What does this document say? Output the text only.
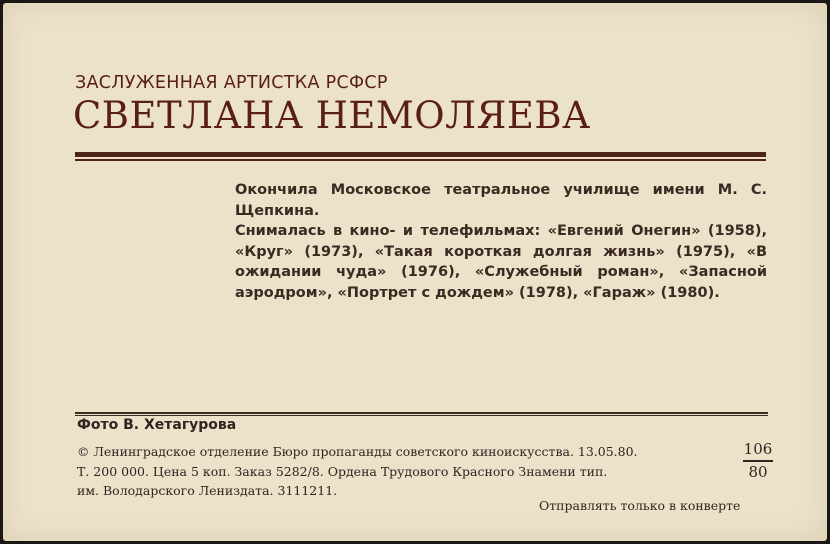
ЗАСЛУЖЕННАЯ АРТИСТКА РСФСР
СВЕТЛАНА НЕМОЛЯЕВА

Окончила Московское театральное училище имени М. С. Щепкина.

Снималась в кино- и телефильмах: «Евгений Онегин» (1958), «Круг» (1973), «Такая короткая долгая жизнь» (1975), «В ожидании чуда» (1976), «Служебный роман», «Запасной аэродром», «Портрет с дождем» (1978), «Гараж» (1980).

Фото В. Хетагурова
© Ленинградское отделение Бюро пропаганды советского киноискусства. 13.05.80.
Т. 200 000. Цена 5 коп. Заказ 5282/8. Ордена Трудового Красного Знамени тип.
им. Володарского Лениздата. 3111211.
106
80
Отправлять только в конверте
